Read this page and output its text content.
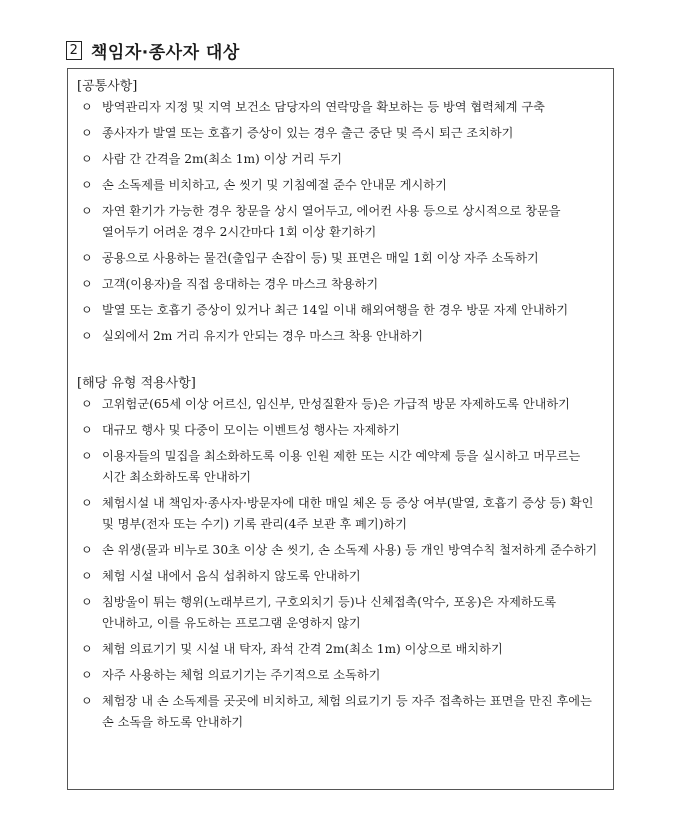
2 책임자·종사자 대상
[공통사항]
ㅇ 방역관리자 지정 및 지역 보건소 담당자의 연락망을 확보하는 등 방역 협력체계 구축
ㅇ 종사자가 발열 또는 호흡기 증상이 있는 경우 출근 중단 및 즉시 퇴근 조치하기
ㅇ 사람 간 간격을 2m(최소 1m) 이상 거리 두기
ㅇ 손 소독제를 비치하고, 손 씻기 및 기침예절 준수 안내문 게시하기
ㅇ 자연 환기가 가능한 경우 창문을 상시 열어두고, 에어컨 사용 등으로 상시적으로 창문을 열어두기 어려운 경우 2시간마다 1회 이상 환기하기
ㅇ 공용으로 사용하는 물건(출입구 손잡이 등) 및 표면은 매일 1회 이상 자주 소독하기
ㅇ 고객(이용자)을 직접 응대하는 경우 마스크 착용하기
ㅇ 발열 또는 호흡기 증상이 있거나 최근 14일 이내 해외여행을 한 경우 방문 자제 안내하기
ㅇ 실외에서 2m 거리 유지가 안되는 경우 마스크 착용 안내하기
[해당 유형 적용사항]
ㅇ 고위험군(65세 이상 어르신, 임신부, 만성질환자 등)은 가급적 방문 자제하도록 안내하기
ㅇ 대규모 행사 및 다중이 모이는 이벤트성 행사는 자제하기
ㅇ 이용자들의 밀집을 최소화하도록 이용 인원 제한 또는 시간 예약제 등을 실시하고 머무르는 시간 최소화하도록 안내하기
ㅇ 체험시설 내 책임자·종사자·방문자에 대한 매일 체온 등 증상 여부(발열, 호흡기 증상 등) 확인 및 명부(전자 또는 수기) 기록 관리(4주 보관 후 폐기)하기
ㅇ 손 위생(물과 비누로 30초 이상 손 씻기, 손 소독제 사용) 등 개인 방역수칙 철저하게 준수하기
ㅇ 체험 시설 내에서 음식 섭취하지 않도록 안내하기
ㅇ 침방울이 튀는 행위(노래부르기, 구호외치기 등)나 신체접촉(악수, 포옹)은 자제하도록 안내하고, 이를 유도하는 프로그램 운영하지 않기
ㅇ 체험 의료기기 및 시설 내 탁자, 좌석 간격 2m(최소 1m) 이상으로 배치하기
ㅇ 자주 사용하는 체험 의료기기는 주기적으로 소독하기
ㅇ 체험장 내 손 소독제를 곳곳에 비치하고, 체험 의료기기 등 자주 접촉하는 표면을 만진 후에는 손 소독을 하도록 안내하기
